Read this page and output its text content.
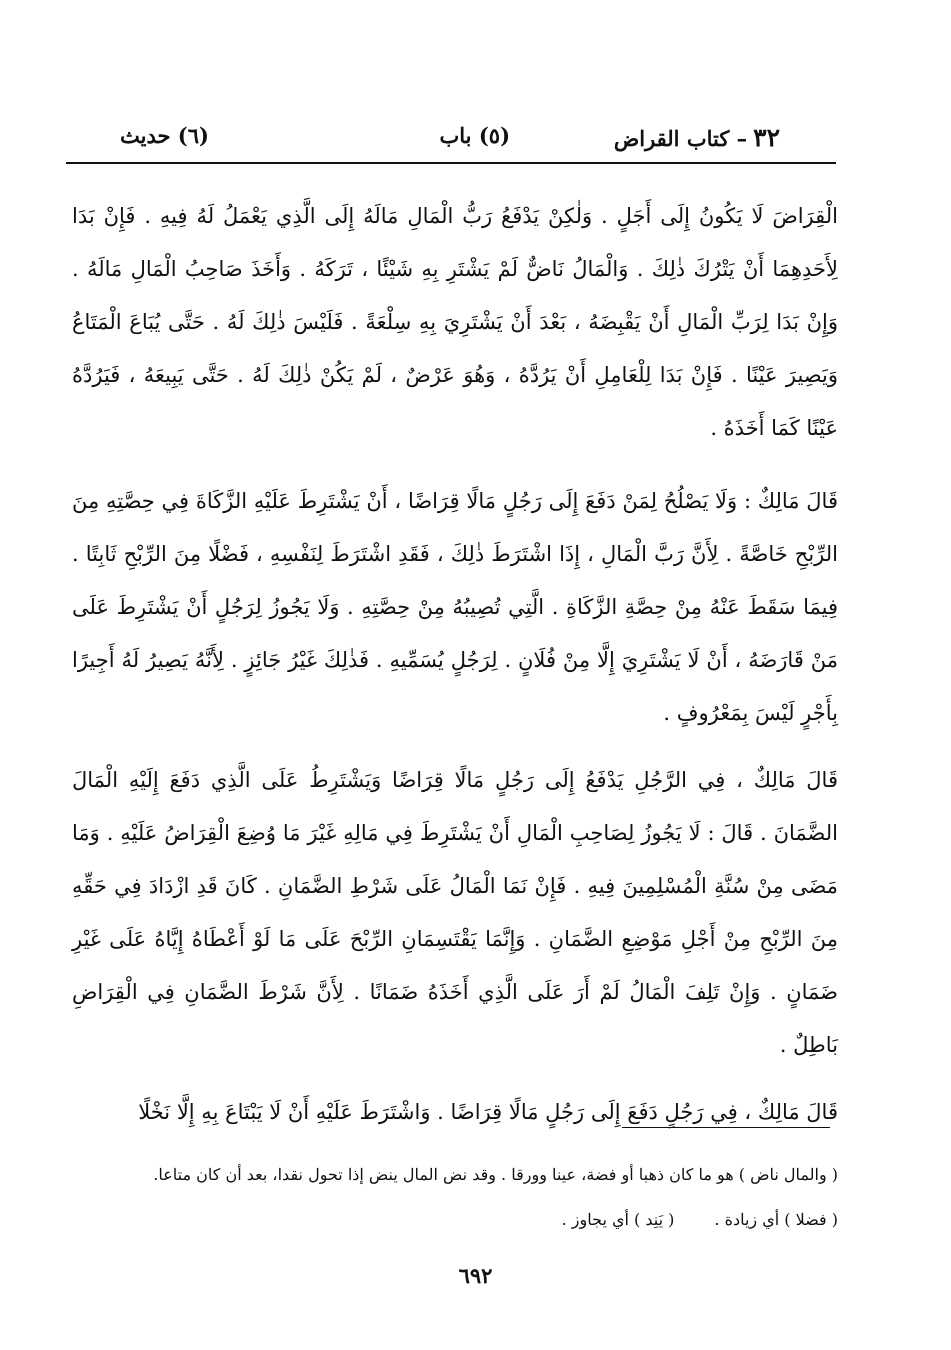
٣٢– كتاب القراض
(٥) باب
(٦) حديث

الْقِرَاضَ لَا يَكُونُ إِلَى أَجَلٍ . وَلٰكِنْ يَدْفَعُ رَبُّ الْمَالِ مَالَهُ إِلَى الَّذِي يَعْمَلُ لَهُ فِيهِ . فَإِنْ بَدَا لِأَحَدِهِمَا أَنْ يَتْرُكَ ذٰلِكَ . وَالْمَالُ نَاضٌّ لَمْ يَشْتَرِ بِهِ شَيْئًا ، تَرَكَهُ . وَأَخَذَ صَاحِبُ الْمَالِ مَالَهُ . وَإِنْ بَدَا لِرَبِّ الْمَالِ أَنْ يَقْبِضَهُ ، بَعْدَ أَنْ يَشْتَرِيَ بِهِ سِلْعَةً . فَلَيْسَ ذٰلِكَ لَهُ . حَتَّى يُبَاعَ الْمَتَاعُ وَيَصِيرَ عَيْنًا . فَإِنْ بَدَا لِلْعَامِلِ أَنْ يَرُدَّهُ ، وَهُوَ عَرْضٌ ، لَمْ يَكُنْ ذٰلِكَ لَهُ . حَتَّى يَبِيعَهُ ، فَيَرُدَّهُ عَيْنًا كَمَا أَخَذَهُ .

قَالَ مَالِكٌ : وَلَا يَصْلُحُ لِمَنْ دَفَعَ إِلَى رَجُلٍ مَالًا قِرَاضًا ، أَنْ يَشْتَرِطَ عَلَيْهِ الزَّكَاةَ فِي حِصَّتِهِ مِنَ الرِّبْحِ خَاصَّةً . لِأَنَّ رَبَّ الْمَالِ ، إِذَا اشْتَرَطَ ذٰلِكَ ، فَقَدِ اشْتَرَطَ لِنَفْسِهِ ، فَضْلًا مِنَ الرِّبْحِ ثَابِتًا . فِيمَا سَقَطَ عَنْهُ مِنْ حِصَّةِ الزَّكَاةِ . الَّتِي تُصِيبُهُ مِنْ حِصَّتِهِ . وَلَا يَجُوزُ لِرَجُلٍ أَنْ يَشْتَرِطَ عَلَى مَنْ قَارَضَهُ ، أَنْ لَا يَشْتَرِيَ إِلَّا مِنْ فُلَانٍ . لِرَجُلٍ يُسَمِّيهِ . فَذٰلِكَ غَيْرُ جَائِزٍ . لِأَنَّهُ يَصِيرُ لَهُ أَجِيرًا بِأَجْرٍ لَيْسَ بِمَعْرُوفٍ .

قَالَ مَالِكٌ ، فِي الرَّجُلِ يَدْفَعُ إِلَى رَجُلٍ مَالًا قِرَاضًا وَيَشْتَرِطُ عَلَى الَّذِي دَفَعَ إِلَيْهِ الْمَالَ الضَّمَانَ . قَالَ : لَا يَجُوزُ لِصَاحِبِ الْمَالِ أَنْ يَشْتَرِطَ فِي مَالِهِ غَيْرَ مَا وُضِعَ الْقِرَاضُ عَلَيْهِ . وَمَا مَضَى مِنْ سُنَّةِ الْمُسْلِمِينَ فِيهِ . فَإِنْ نَمَا الْمَالُ عَلَى شَرْطِ الضَّمَانِ . كَانَ قَدِ ازْدَادَ فِي حَقِّهِ مِنَ الرِّبْحِ مِنْ أَجْلِ مَوْضِعِ الضَّمَانِ . وَإِنَّمَا يَقْتَسِمَانِ الرِّبْحَ عَلَى مَا لَوْ أَعْطَاهُ إِيَّاهُ عَلَى غَيْرِ ضَمَانٍ . وَإِنْ تَلِفَ الْمَالُ لَمْ أَرَ عَلَى الَّذِي أَخَذَهُ ضَمَانًا . لِأَنَّ شَرْطَ الضَّمَانِ فِي الْقِرَاضِ بَاطِلٌ .

قَالَ مَالِكٌ ، فِي رَجُلٍ دَفَعَ إِلَى رَجُلٍ مَالًا قِرَاضًا . وَاشْتَرَطَ عَلَيْهِ أَنْ لَا يَبْتَاعَ بِهِ إِلَّا نَخْلًا

( والمال ناض ) هو ما كان ذهبا أو فضة، عينا وورقا . وقد نض المال ينض إذا تحول نقدا، بعد أن كان متاعا.
( فضلا ) أي زيادة .( يَنِد ) أي يجاوز .
٦٩٢
